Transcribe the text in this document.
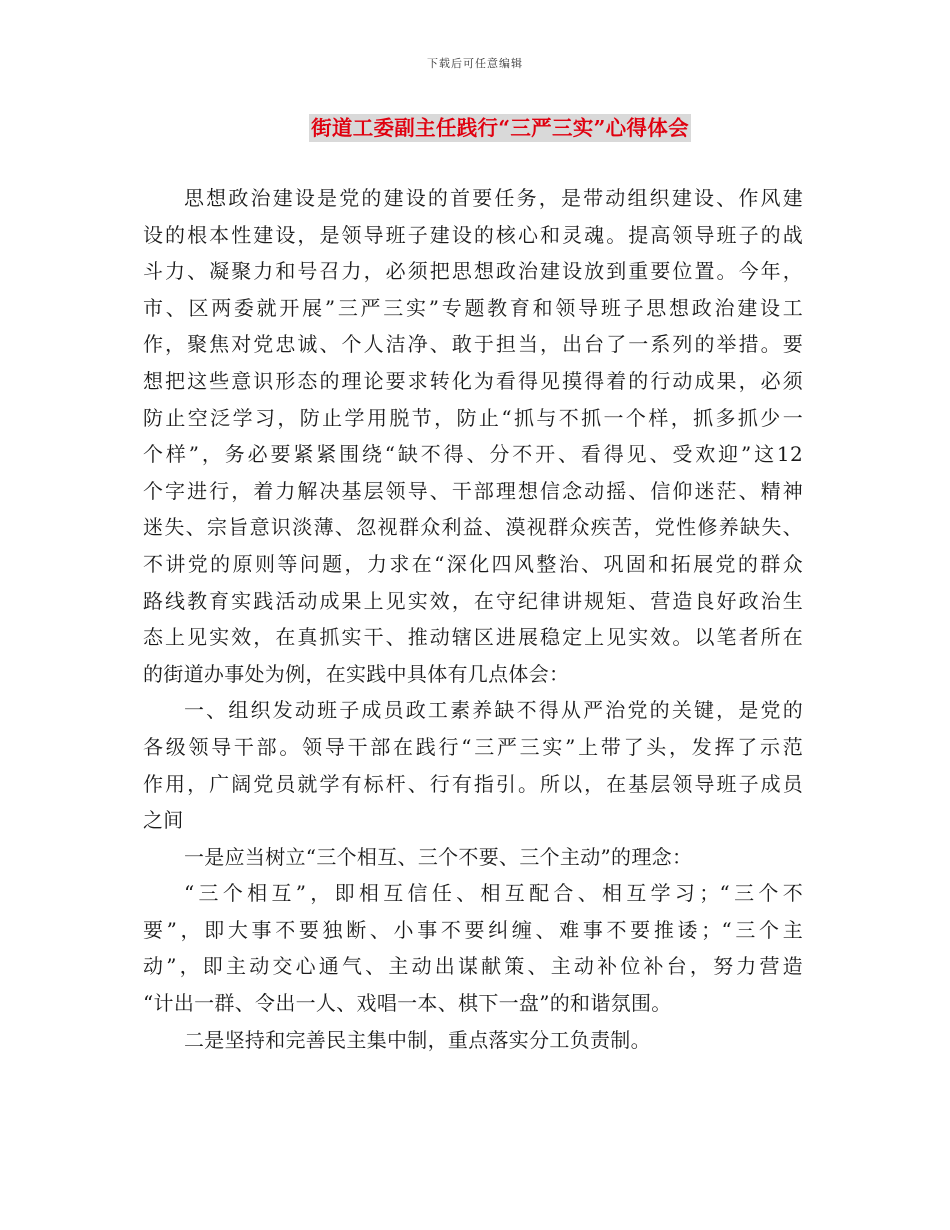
下载后可任意编辑
街道工委副主任践行“三严三实”心得体会
思想政治建设是党的建设的首要任务，是带动组织建设、作风建
设的根本性建设，是领导班子建设的核心和灵魂。提高领导班子的战
斗力、凝聚力和号召力，必须把思想政治建设放到重要位置。今年，
市、区两委就开展”三严三实”专题教育和领导班子思想政治建设工
作，聚焦对党忠诚、个人洁净、敢于担当，出台了一系列的举措。要
想把这些意识形态的理论要求转化为看得见摸得着的行动成果，必须
防止空泛学习，防止学用脱节，防止“抓与不抓一个样，抓多抓少一
个样”，务必要紧紧围绕“缺不得、分不开、看得见、受欢迎”这12
个字进行，着力解决基层领导、干部理想信念动摇、信仰迷茫、精神
迷失、宗旨意识淡薄、忽视群众利益、漠视群众疾苦，党性修养缺失、
不讲党的原则等问题，力求在“深化四风整治、巩固和拓展党的群众
路线教育实践活动成果上见实效，在守纪律讲规矩、营造良好政治生
态上见实效，在真抓实干、推动辖区进展稳定上见实效。以笔者所在
的街道办事处为例，在实践中具体有几点体会：
一、组织发动班子成员政工素养缺不得从严治党的关键，是党的
各级领导干部。领导干部在践行“三严三实”上带了头，发挥了示范
作用，广阔党员就学有标杆、行有指引。所以，在基层领导班子成员
之间
一是应当树立“三个相互、三个不要、三个主动”的理念：
“三个相互”，即相互信任、相互配合、相互学习；“三个不
要”，即大事不要独断、小事不要纠缠、难事不要推诿；“三个主
动”，即主动交心通气、主动出谋献策、主动补位补台，努力营造
“计出一群、令出一人、戏唱一本、棋下一盘”的和谐氛围。
二是坚持和完善民主集中制，重点落实分工负责制。
